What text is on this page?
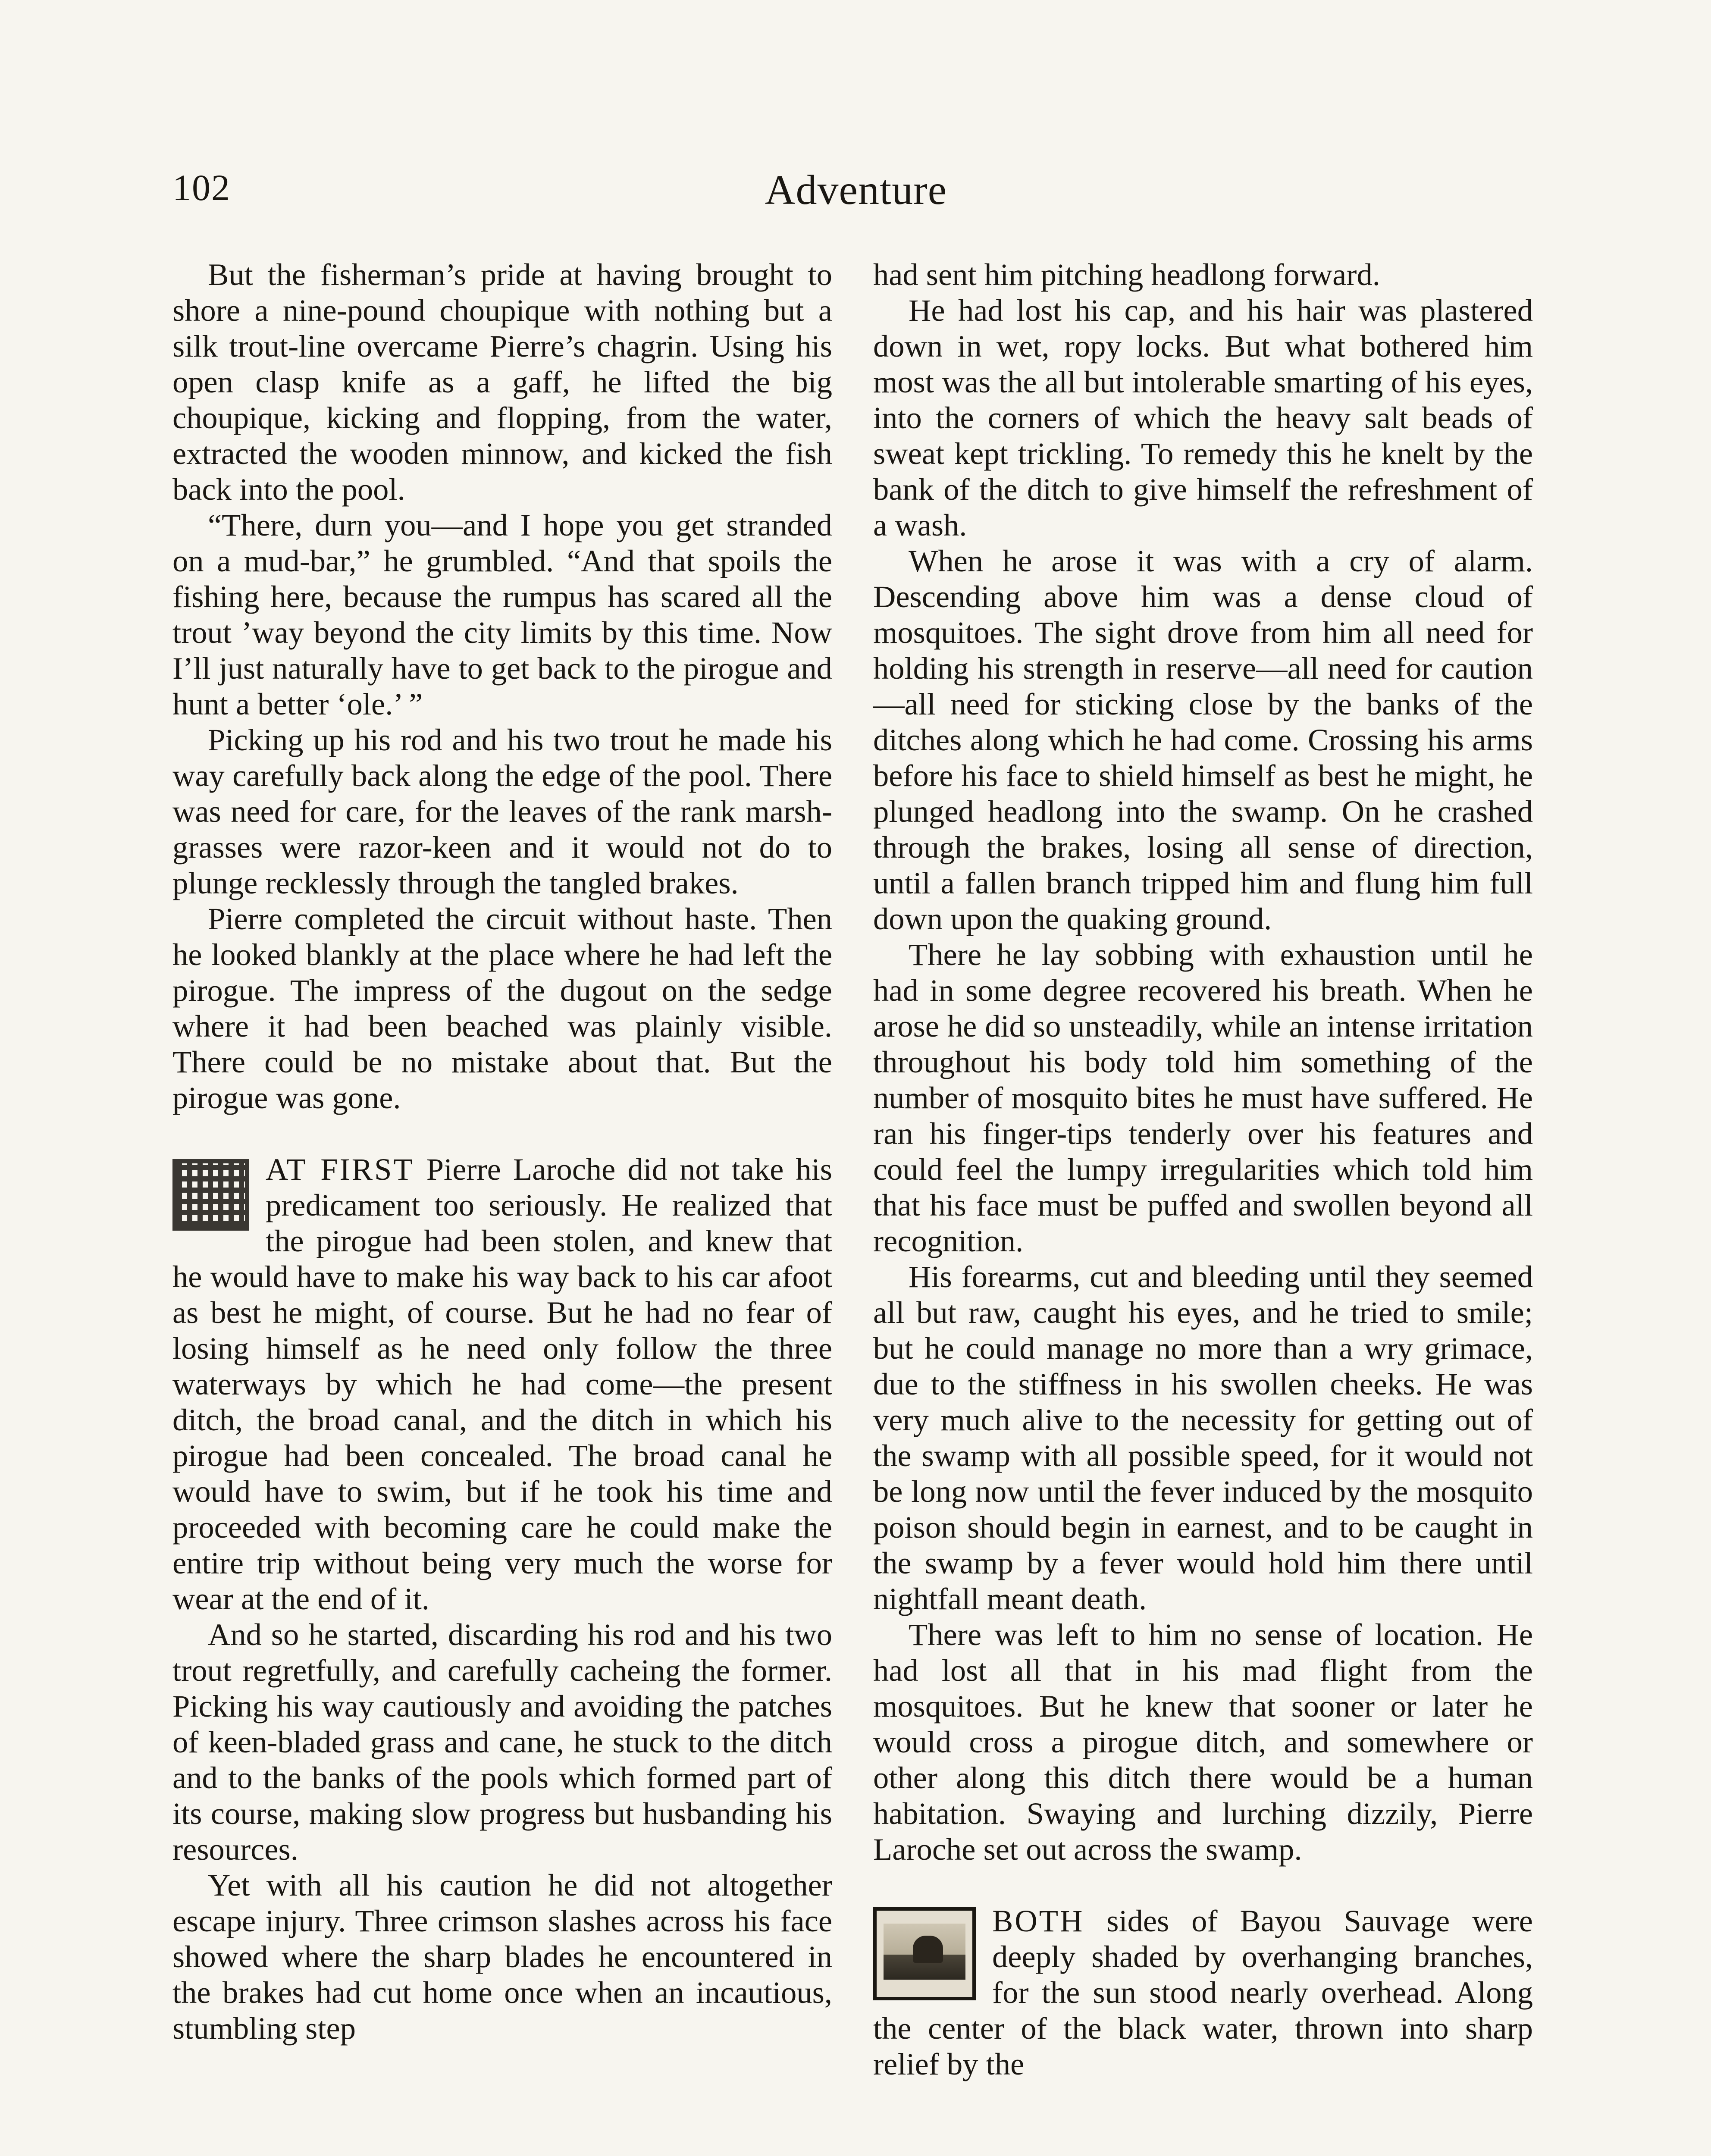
102	Adventure

But the fisherman’s pride at having brought to shore a nine-pound choupique with nothing but a silk trout-line overcame Pierre’s chagrin. Using his open clasp knife as a gaff, he lifted the big choupique, kicking and flopping, from the water, extracted the wooden minnow, and kicked the fish back into the pool.

“There, durn you—and I hope you get stranded on a mud-bar,” he grumbled. “And that spoils the fishing here, because the rumpus has scared all the trout ’way beyond the city limits by this time. Now I’ll just naturally have to get back to the pirogue and hunt a better ‘ole.’ ”

Picking up his rod and his two trout he made his way carefully back along the edge of the pool. There was need for care, for the leaves of the rank marsh-grasses were razor-keen and it would not do to plunge recklessly through the tangled brakes.

Pierre completed the circuit without haste. Then he looked blankly at the place where he had left the pirogue. The impress of the dugout on the sedge where it had been beached was plainly visible. There could be no mistake about that. But the pirogue was gone.

AT FIRST Pierre Laroche did not take his predicament too seriously. He realized that the pirogue had been stolen, and knew that he would have to make his way back to his car afoot as best he might, of course. But he had no fear of losing himself as he need only follow the three waterways by which he had come—the present ditch, the broad canal, and the ditch in which his pirogue had been concealed. The broad canal he would have to swim, but if he took his time and proceeded with becoming care he could make the entire trip without being very much the worse for wear at the end of it.

And so he started, discarding his rod and his two trout regretfully, and carefully cacheing the former. Picking his way cautiously and avoiding the patches of keen-bladed grass and cane, he stuck to the ditch and to the banks of the pools which formed part of its course, making slow progress but husbanding his resources.

Yet with all his caution he did not altogether escape injury. Three crimson slashes across his face showed where the sharp blades he encountered in the brakes had cut home once when an incautious, stumbling step

had sent him pitching headlong forward.

He had lost his cap, and his hair was plastered down in wet, ropy locks. But what bothered him most was the all but intolerable smarting of his eyes, into the corners of which the heavy salt beads of sweat kept trickling. To remedy this he knelt by the bank of the ditch to give himself the refreshment of a wash.

When he arose it was with a cry of alarm. Descending above him was a dense cloud of mosquitoes. The sight drove from him all need for holding his strength in reserve—all need for caution—all need for sticking close by the banks of the ditches along which he had come. Crossing his arms before his face to shield himself as best he might, he plunged headlong into the swamp. On he crashed through the brakes, losing all sense of direction, until a fallen branch tripped him and flung him full down upon the quaking ground.

There he lay sobbing with exhaustion until he had in some degree recovered his breath. When he arose he did so unsteadily, while an intense irritation throughout his body told him something of the number of mosquito bites he must have suffered. He ran his finger-tips tenderly over his features and could feel the lumpy irregularities which told him that his face must be puffed and swollen beyond all recognition.

His forearms, cut and bleeding until they seemed all but raw, caught his eyes, and he tried to smile; but he could manage no more than a wry grimace, due to the stiffness in his swollen cheeks. He was very much alive to the necessity for getting out of the swamp with all possible speed, for it would not be long now until the fever induced by the mosquito poison should begin in earnest, and to be caught in the swamp by a fever would hold him there until nightfall meant death.

There was left to him no sense of location. He had lost all that in his mad flight from the mosquitoes. But he knew that sooner or later he would cross a pirogue ditch, and somewhere or other along this ditch there would be a human habitation. Swaying and lurching dizzily, Pierre Laroche set out across the swamp.

BOTH sides of Bayou Sauvage were deeply shaded by overhanging branches, for the sun stood nearly overhead. Along the center of the black water, thrown into sharp relief by the
